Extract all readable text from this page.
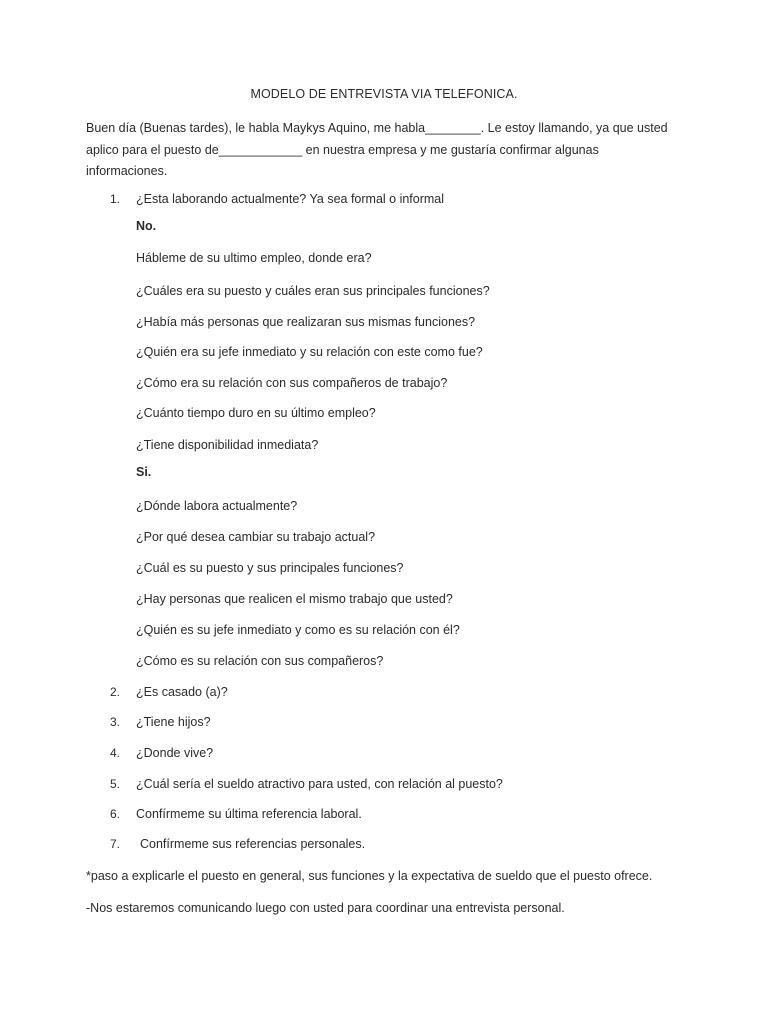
MODELO DE ENTREVISTA VIA TELEFONICA.
Buen día (Buenas tardes), le habla Maykys Aquino, me habla________. Le estoy llamando, ya que usted aplico para el puesto de____________ en nuestra empresa y me gustaría confirmar algunas informaciones.
1. ¿Esta laborando actualmente? Ya sea formal o informal
No.
Hábleme de su ultimo empleo, donde era?
¿Cuáles era su puesto y cuáles eran sus principales funciones?
¿Había más personas que realizaran sus mismas funciones?
¿Quién era su jefe inmediato y su relación con este como fue?
¿Cómo era su relación con sus compañeros de trabajo?
¿Cuánto tiempo duro en su último empleo?
¿Tiene disponibilidad inmediata?
Si.
¿Dónde labora actualmente?
¿Por qué desea cambiar su trabajo actual?
¿Cuál es su puesto y sus principales funciones?
¿Hay personas que realicen el mismo trabajo que usted?
¿Quién es su jefe inmediato y como es su relación con él?
¿Cómo es su relación con sus compañeros?
2. ¿Es casado (a)?
3. ¿Tiene hijos?
4. ¿Donde vive?
5. ¿Cuál sería el sueldo atractivo para usted, con relación al puesto?
6. Confírmeme su última referencia laboral.
7. Confírmeme sus referencias personales.
*paso a explicarle el puesto en general, sus funciones y la expectativa de sueldo que el puesto ofrece.
-Nos estaremos comunicando luego con usted para coordinar una entrevista personal.
